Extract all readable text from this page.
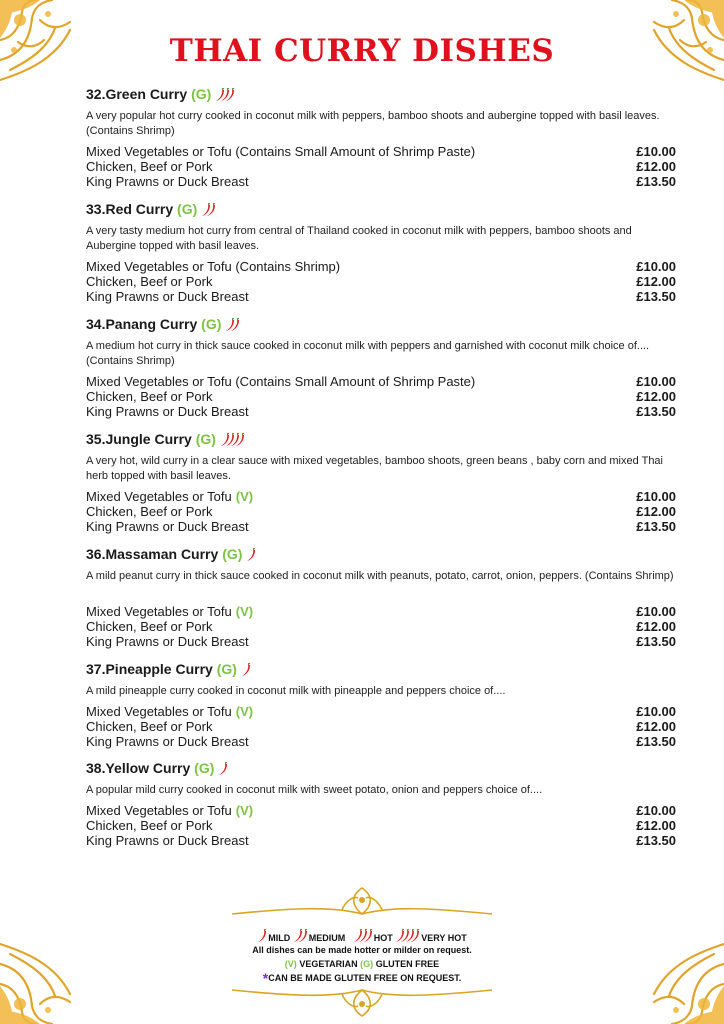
THAI CURRY DISHES
32.Green Curry (G)
A very popular hot curry cooked in coconut milk with peppers, bamboo shoots and aubergine topped with basil leaves. (Contains Shrimp)
Mixed Vegetables or Tofu (Contains Small Amount of Shrimp Paste)	£10.00
Chicken, Beef or Pork	£12.00
King Prawns or Duck Breast	£13.50
33.Red Curry (G)
A very tasty medium hot curry from central of Thailand cooked in coconut milk with peppers, bamboo shoots and Aubergine topped with basil leaves.
Mixed Vegetables or Tofu (Contains Shrimp)	£10.00
Chicken, Beef or Pork	£12.00
King Prawns or Duck Breast	£13.50
34.Panang Curry (G)
A medium hot curry in thick sauce cooked in coconut milk with peppers and garnished with coconut milk choice of.... (Contains Shrimp)
Mixed Vegetables or Tofu (Contains Small Amount of Shrimp Paste)	£10.00
Chicken, Beef or Pork	£12.00
King Prawns or Duck Breast	£13.50
35.Jungle Curry (G)
A very hot, wild curry in a clear sauce with mixed vegetables, bamboo shoots, green beans , baby corn and mixed Thai herb topped with basil leaves.
Mixed Vegetables or Tofu (V)	£10.00
Chicken, Beef or Pork	£12.00
King Prawns or Duck Breast	£13.50
36.Massaman Curry (G)
A mild peanut curry in thick sauce cooked in coconut milk with peanuts, potato, carrot, onion, peppers. (Contains Shrimp)
Mixed Vegetables or Tofu (V)	£10.00
Chicken, Beef or Pork	£12.00
King Prawns or Duck Breast	£13.50
37.Pineapple Curry (G)
A mild pineapple curry cooked in coconut milk with pineapple and peppers choice of....
Mixed Vegetables or Tofu (V)	£10.00
Chicken, Beef or Pork	£12.00
King Prawns or Duck Breast	£13.50
38.Yellow Curry (G)
A popular mild curry cooked in coconut milk with sweet potato, onion and peppers choice of....
Mixed Vegetables or Tofu (V)	£10.00
Chicken, Beef or Pork	£12.00
King Prawns or Duck Breast	£13.50
MILD MEDIUM	HOT	VERY HOT
All dishes can be made hotter or milder on request.
(V) VEGETARIAN (G) GLUTEN FREE
*CAN BE MADE GLUTEN FREE ON REQUEST.
